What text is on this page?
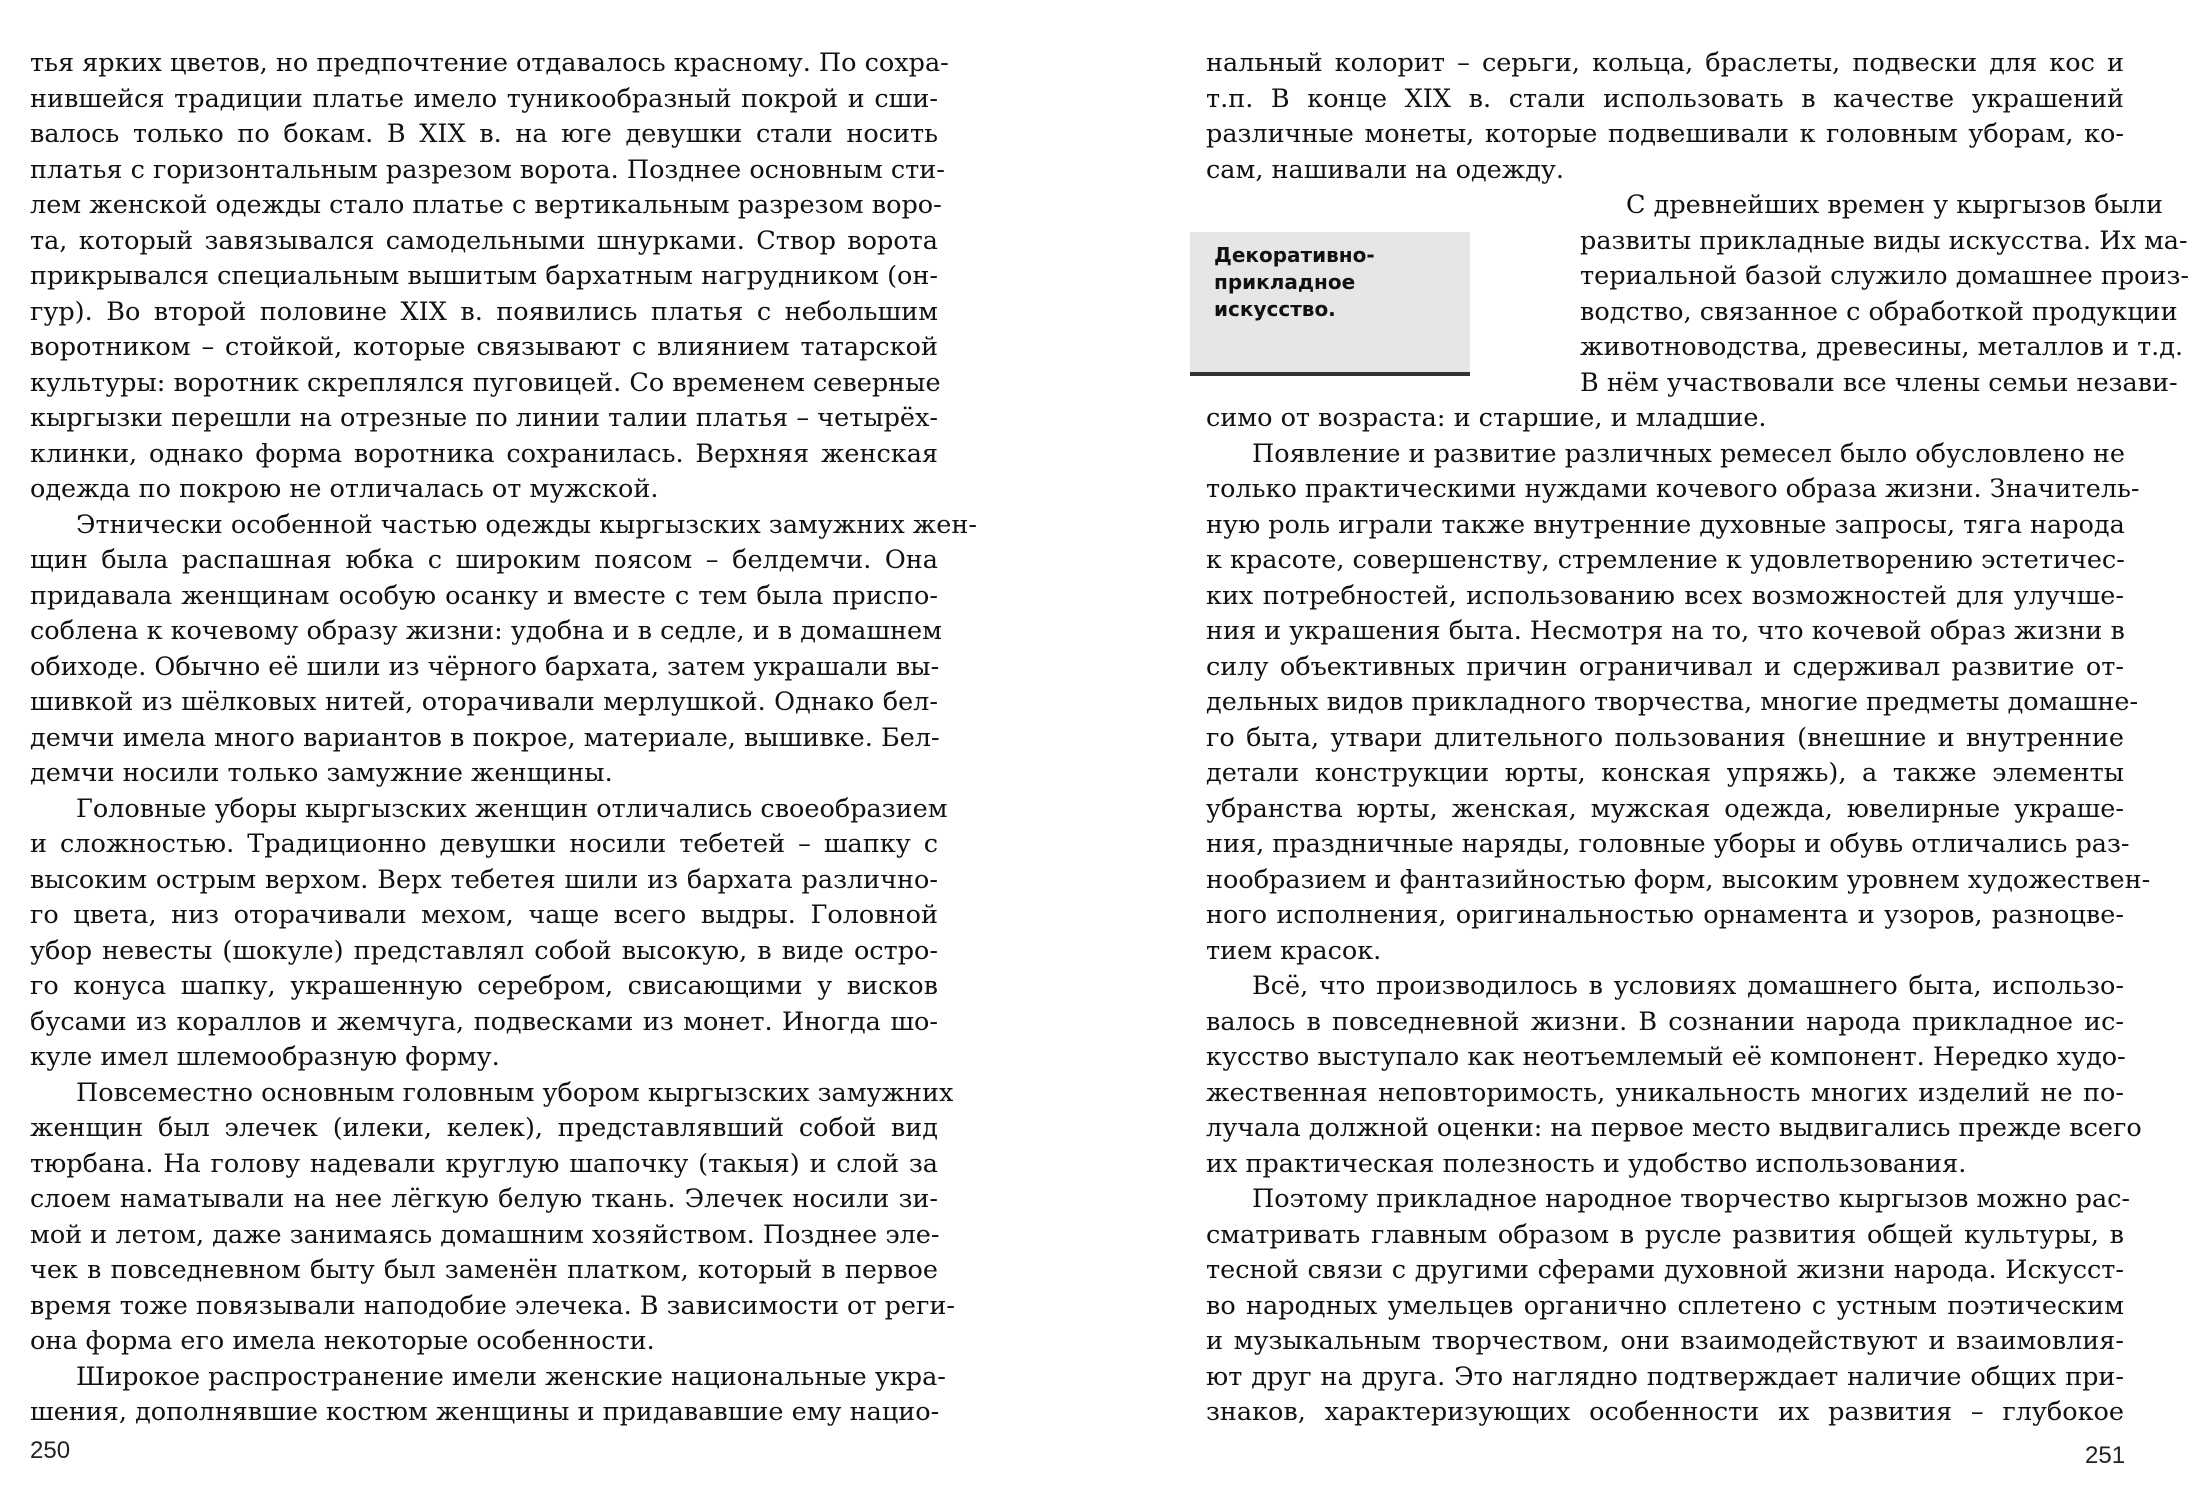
тья ярких цветов, но предпочтение отдавалось красному. По сохра-
нившейся традиции платье имело туникообразный покрой и сши-
валось только по бокам. В XIX в. на юге девушки стали носить
платья с горизонтальным разрезом ворота. Позднее основным сти-
лем женской одежды стало платье с вертикальным разрезом воро-
та, который завязывался самодельными шнурками. Створ ворота
прикрывался специальным вышитым бархатным нагрудником (он-
гур). Во второй половине XIX в. появились платья с небольшим
воротником – стойкой, которые связывают с влиянием татарской
культуры: воротник скреплялся пуговицей. Со временем северные
кыргызки перешли на отрезные по линии талии платья – четырёх-
клинки, однако форма воротника сохранилась. Верхняя женская
одежда по покрою не отличалась от мужской.
Этнически особенной частью одежды кыргызских замужних жен-
щин была распашная юбка с широким поясом – белдемчи. Она
придавала женщинам особую осанку и вместе с тем была приспо-
соблена к кочевому образу жизни: удобна и в седле, и в домашнем
обиходе. Обычно её шили из чёрного бархата, затем украшали вы-
шивкой из шёлковых нитей, оторачивали мерлушкой. Однако бел-
демчи имела много вариантов в покрое, материале, вышивке. Бел-
демчи носили только замужние женщины.
Головные уборы кыргызских женщин отличались своеобразием
и сложностью. Традиционно девушки носили тебетей – шапку с
высоким острым верхом. Верх тебетея шили из бархата различно-
го цвета, низ оторачивали мехом, чаще всего выдры. Головной
убор невесты (шокуле) представлял собой высокую, в виде остро-
го конуса шапку, украшенную серебром, свисающими у висков
бусами из кораллов и жемчуга, подвесками из монет. Иногда шо-
куле имел шлемообразную форму.
Повсеместно основным головным убором кыргызских замужних
женщин был элечек (илеки, келек), представлявший собой вид
тюрбана. На голову надевали круглую шапочку (такыя) и слой за
слоем наматывали на нее лёгкую белую ткань. Элечек носили зи-
мой и летом, даже занимаясь домашним хозяйством. Позднее эле-
чек в повседневном быту был заменён платком, который в первое
время тоже повязывали наподобие элечека. В зависимости от реги-
она форма его имела некоторые особенности.
Широкое распространение имели женские национальные укра-
шения, дополнявшие костюм женщины и придававшие ему нацио-
250
нальный колорит – серьги, кольца, браслеты, подвески для кос и
т.п. В конце XIX в. стали использовать в качестве украшений
различные монеты, которые подвешивали к головным уборам, ко-
сам, нашивали на одежду.
С древнейших времен у кыргызов были
развиты прикладные виды искусства. Их ма-
териальной базой служило домашнее произ-
водство, связанное с обработкой продукции
животноводства, древесины, металлов и т.д.
В нём участвовали все члены семьи незави-
симо от возраста: и старшие, и младшие.
Появление и развитие различных ремесел было обусловлено не
только практическими нуждами кочевого образа жизни. Значитель-
ную роль играли также внутренние духовные запросы, тяга народа
к красоте, совершенству, стремление к удовлетворению эстетичес-
ких потребностей, использованию всех возможностей для улучше-
ния и украшения быта. Несмотря на то, что кочевой образ жизни в
силу объективных причин ограничивал и сдерживал развитие от-
дельных видов прикладного творчества, многие предметы домашне-
го быта, утвари длительного пользования (внешние и внутренние
детали конструкции юрты, конская упряжь), а также элементы
убранства юрты, женская, мужская одежда, ювелирные украше-
ния, праздничные наряды, головные уборы и обувь отличались раз-
нообразием и фантазийностью форм, высоким уровнем художествен-
ного исполнения, оригинальностью орнамента и узоров, разноцве-
тием красок.
Всё, что производилось в условиях домашнего быта, использо-
валось в повседневной жизни. В сознании народа прикладное ис-
кусство выступало как неотъемлемый её компонент. Нередко худо-
жественная неповторимость, уникальность многих изделий не по-
лучала должной оценки: на первое место выдвигались прежде всего
их практическая полезность и удобство использования.
Поэтому прикладное народное творчество кыргызов можно рас-
сматривать главным образом в русле развития общей культуры, в
тесной связи с другими сферами духовной жизни народа. Искусст-
во народных умельцев органично сплетено с устным поэтическим
и музыкальным творчеством, они взаимодействуют и взаимовлия-
ют друг на друга. Это наглядно подтверждает наличие общих при-
знаков, характеризующих особенности их развития – глубокое
251
Декоративно-
прикладное
искусство.
